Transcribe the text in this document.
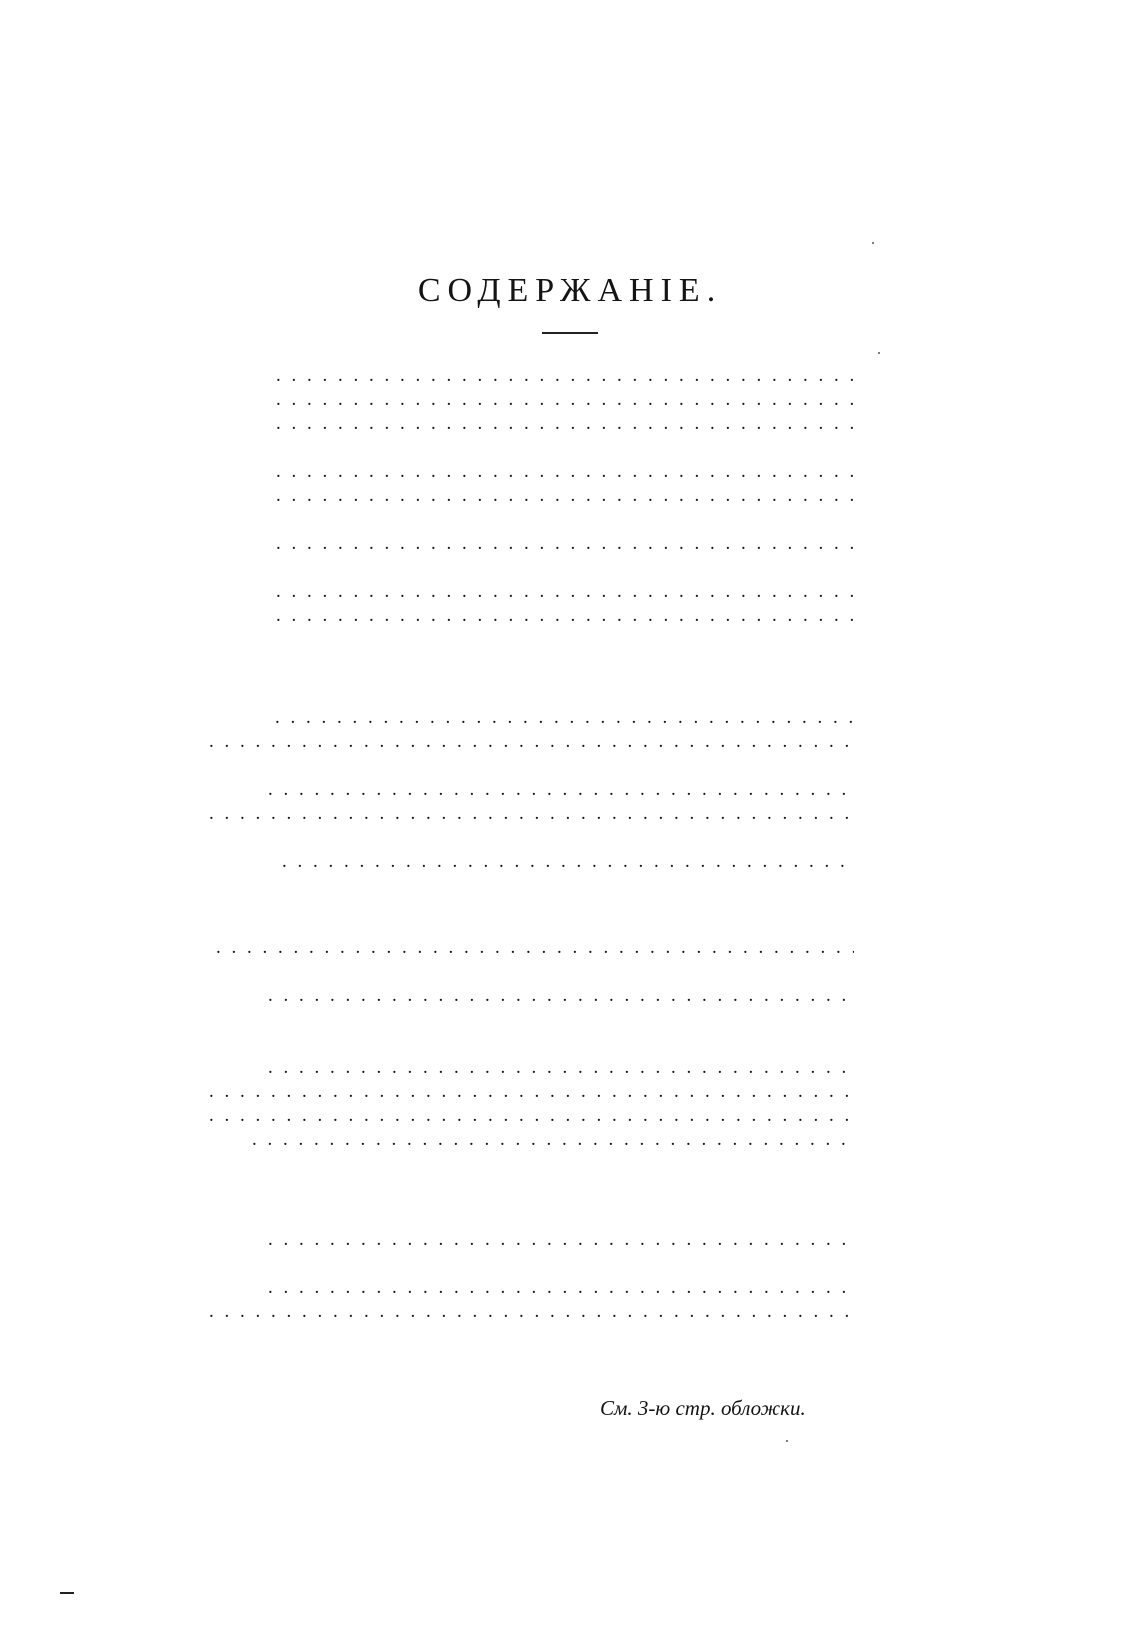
СОДЕРЖАНІЕ.
. . .
. . .
. . .
. . .
. . .
. . .
. . .
. . .
. . .
. . .
. . .
. . .
. . .
. . .
. . .
. . .
. . .
. . .
. . .
. . .
. . .
. . .
См. 3-ю стр. обложки.
